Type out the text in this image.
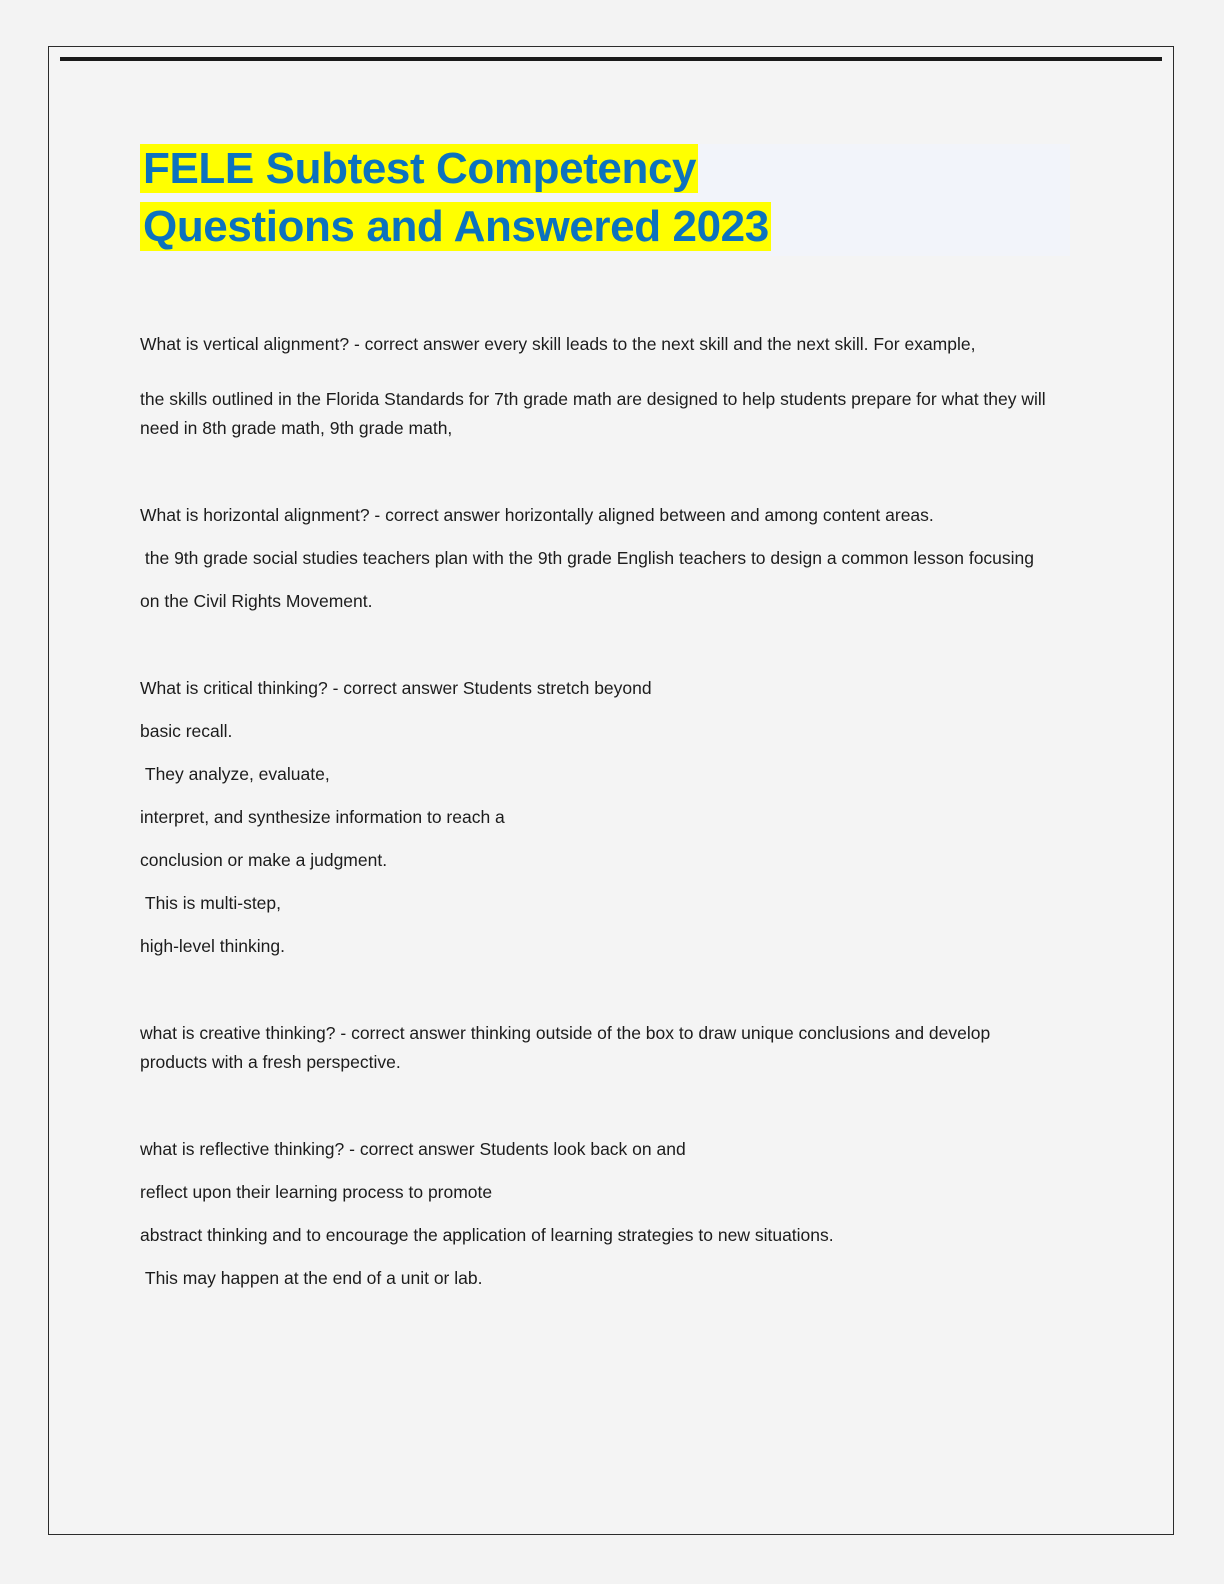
FELE Subtest Competency
Questions and Answered 2023

What is vertical alignment? - correct answer every skill leads to the next skill and the next skill. For example,

the skills outlined in the Florida Standards for 7th grade math are designed to help students prepare for what they will need in 8th grade math, 9th grade math,

What is horizontal alignment? - correct answer horizontally aligned between and among content areas.

the 9th grade social studies teachers plan with the 9th grade English teachers to design a common lesson focusing

on the Civil Rights Movement.

What is critical thinking? - correct answer Students stretch beyond

basic recall.

They analyze, evaluate,

interpret, and synthesize information to reach a

conclusion or make a judgment.

This is multi-step,

high-level thinking.

what is creative thinking? - correct answer thinking outside of the box to draw unique conclusions and develop products with a fresh perspective.

what is reflective thinking? - correct answer Students look back on and

reflect upon their learning process to promote

abstract thinking and to encourage the application of learning strategies to new situations.

This may happen at the end of a unit or lab.
